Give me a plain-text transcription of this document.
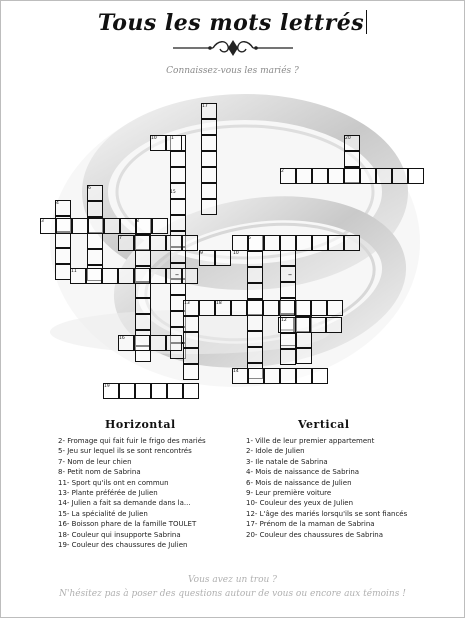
Tous les mots lettrés
Connaissez-vous les mariés ?
17
10	1	20
2
6
4
3	8
7	5
9	10
11
12
18
13
16
14
19
15
–	–
Horizontal	Vertical
2- Fromage qui fait fuir le frigo des mariés
5- Jeu sur lequel ils se sont rencontrés
7- Nom de leur chien
8- Petit nom de Sabrina
11- Sport qu'ils ont en commun
13- Plante préférée de Julien
14- Julien a fait sa demande dans la...
15- La spécialité de Julien
16- Boisson phare de la famille TOULET
18- Couleur qui insupporte Sabrina
19- Couleur des chaussures de Julien
1- Ville de leur premier appartement
2- Idole de Julien
3- Ile natale de Sabrina
4- Mois de naissance de Sabrina
6- Mois de naissance de Julien
9- Leur première voiture
10- Couleur des yeux de Julien
12- L'âge des mariés lorsqu'ils se sont fiancés
17- Prénom de la maman de Sabrina
20- Couleur des chaussures de Sabrina
Vous avez un trou ?
N'hésitez pas à poser des questions autour de vous ou encore aux témoins !
